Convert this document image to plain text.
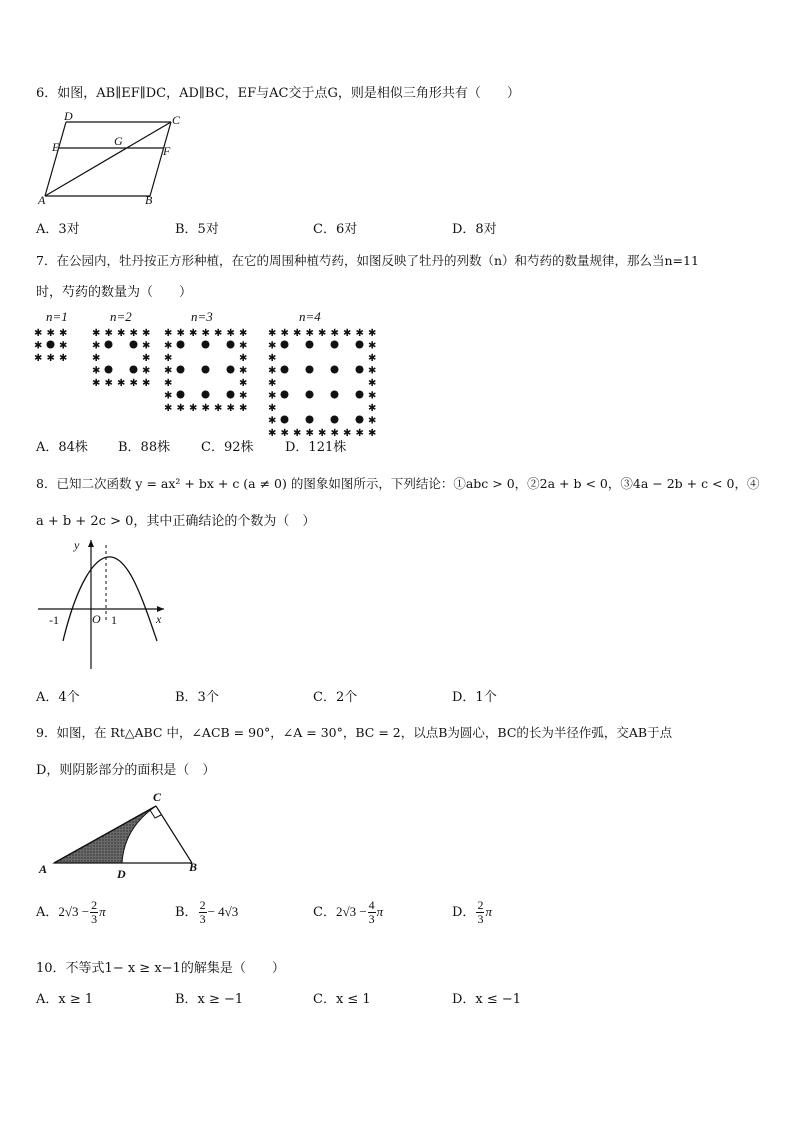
6．如图，AB∥EF∥DC，AD∥BC，EF与AC交于点G，则是相似三角形共有（　　）
D	C
E	G
F
A	B
A．3对	B．5对	C．6对	D．8对
7．在公园内，牡丹按正方形种植，在它的周围种植芍药，如图反映了牡丹的列数（n）和芍药的数量规律，那么当n=11
时，芍药的数量为（　　）
n=1	n=2	n=3	n=4
✱ ✱ ✱
✱ ✱
✱ ✱ ✱
✱ ✱ ✱ ✱ ✱
✱	✱
✱	✱
✱	✱
✱ ✱ ✱ ✱ ✱
✱ ✱ ✱ ✱ ✱ ✱ ✱
✱	✱
✱	✱
✱	✱
✱	✱
✱	✱
✱ ✱ ✱ ✱ ✱ ✱ ✱
✱ ✱ ✱ ✱ ✱ ✱ ✱ ✱ ✱
✱	✱
✱	✱
✱	✱
✱	✱
✱	✱
✱	✱
✱	✱
✱ ✱ ✱ ✱ ✱ ✱ ✱ ✱ ✱
A．84株 B．88株 C．92株 D．121株
8．已知二次函数 y = ax² + bx + c (a ≠ 0) 的图象如图所示，下列结论：①abc > 0，②2a + b < 0，③4a − 2b + c < 0，④
a + b + 2c > 0，其中正确结论的个数为（　）
y
x
O
-1	1
A．4个	B．3个	C．2个	D．1个
9．如图，在 Rt△ABC 中，∠ACB = 90°，∠A = 30°，BC = 2，以点B为圆心，BC的长为半径作弧，交AB于点
D，则阴影部分的面积是（　）
A
C
B
D
A．$2√3 - \frac{2}{3}$ π	B． $\frac{2}{3} - 4√3$	C．$2√3 - \frac{4}{3}$ π	D． $\frac{2}{3}$ π
10．不等式1− x ≥ x−1的解集是（　　）
A．x ≥ 1	B．x ≥ −1	C．x ≤ 1	D．x ≤ −1
